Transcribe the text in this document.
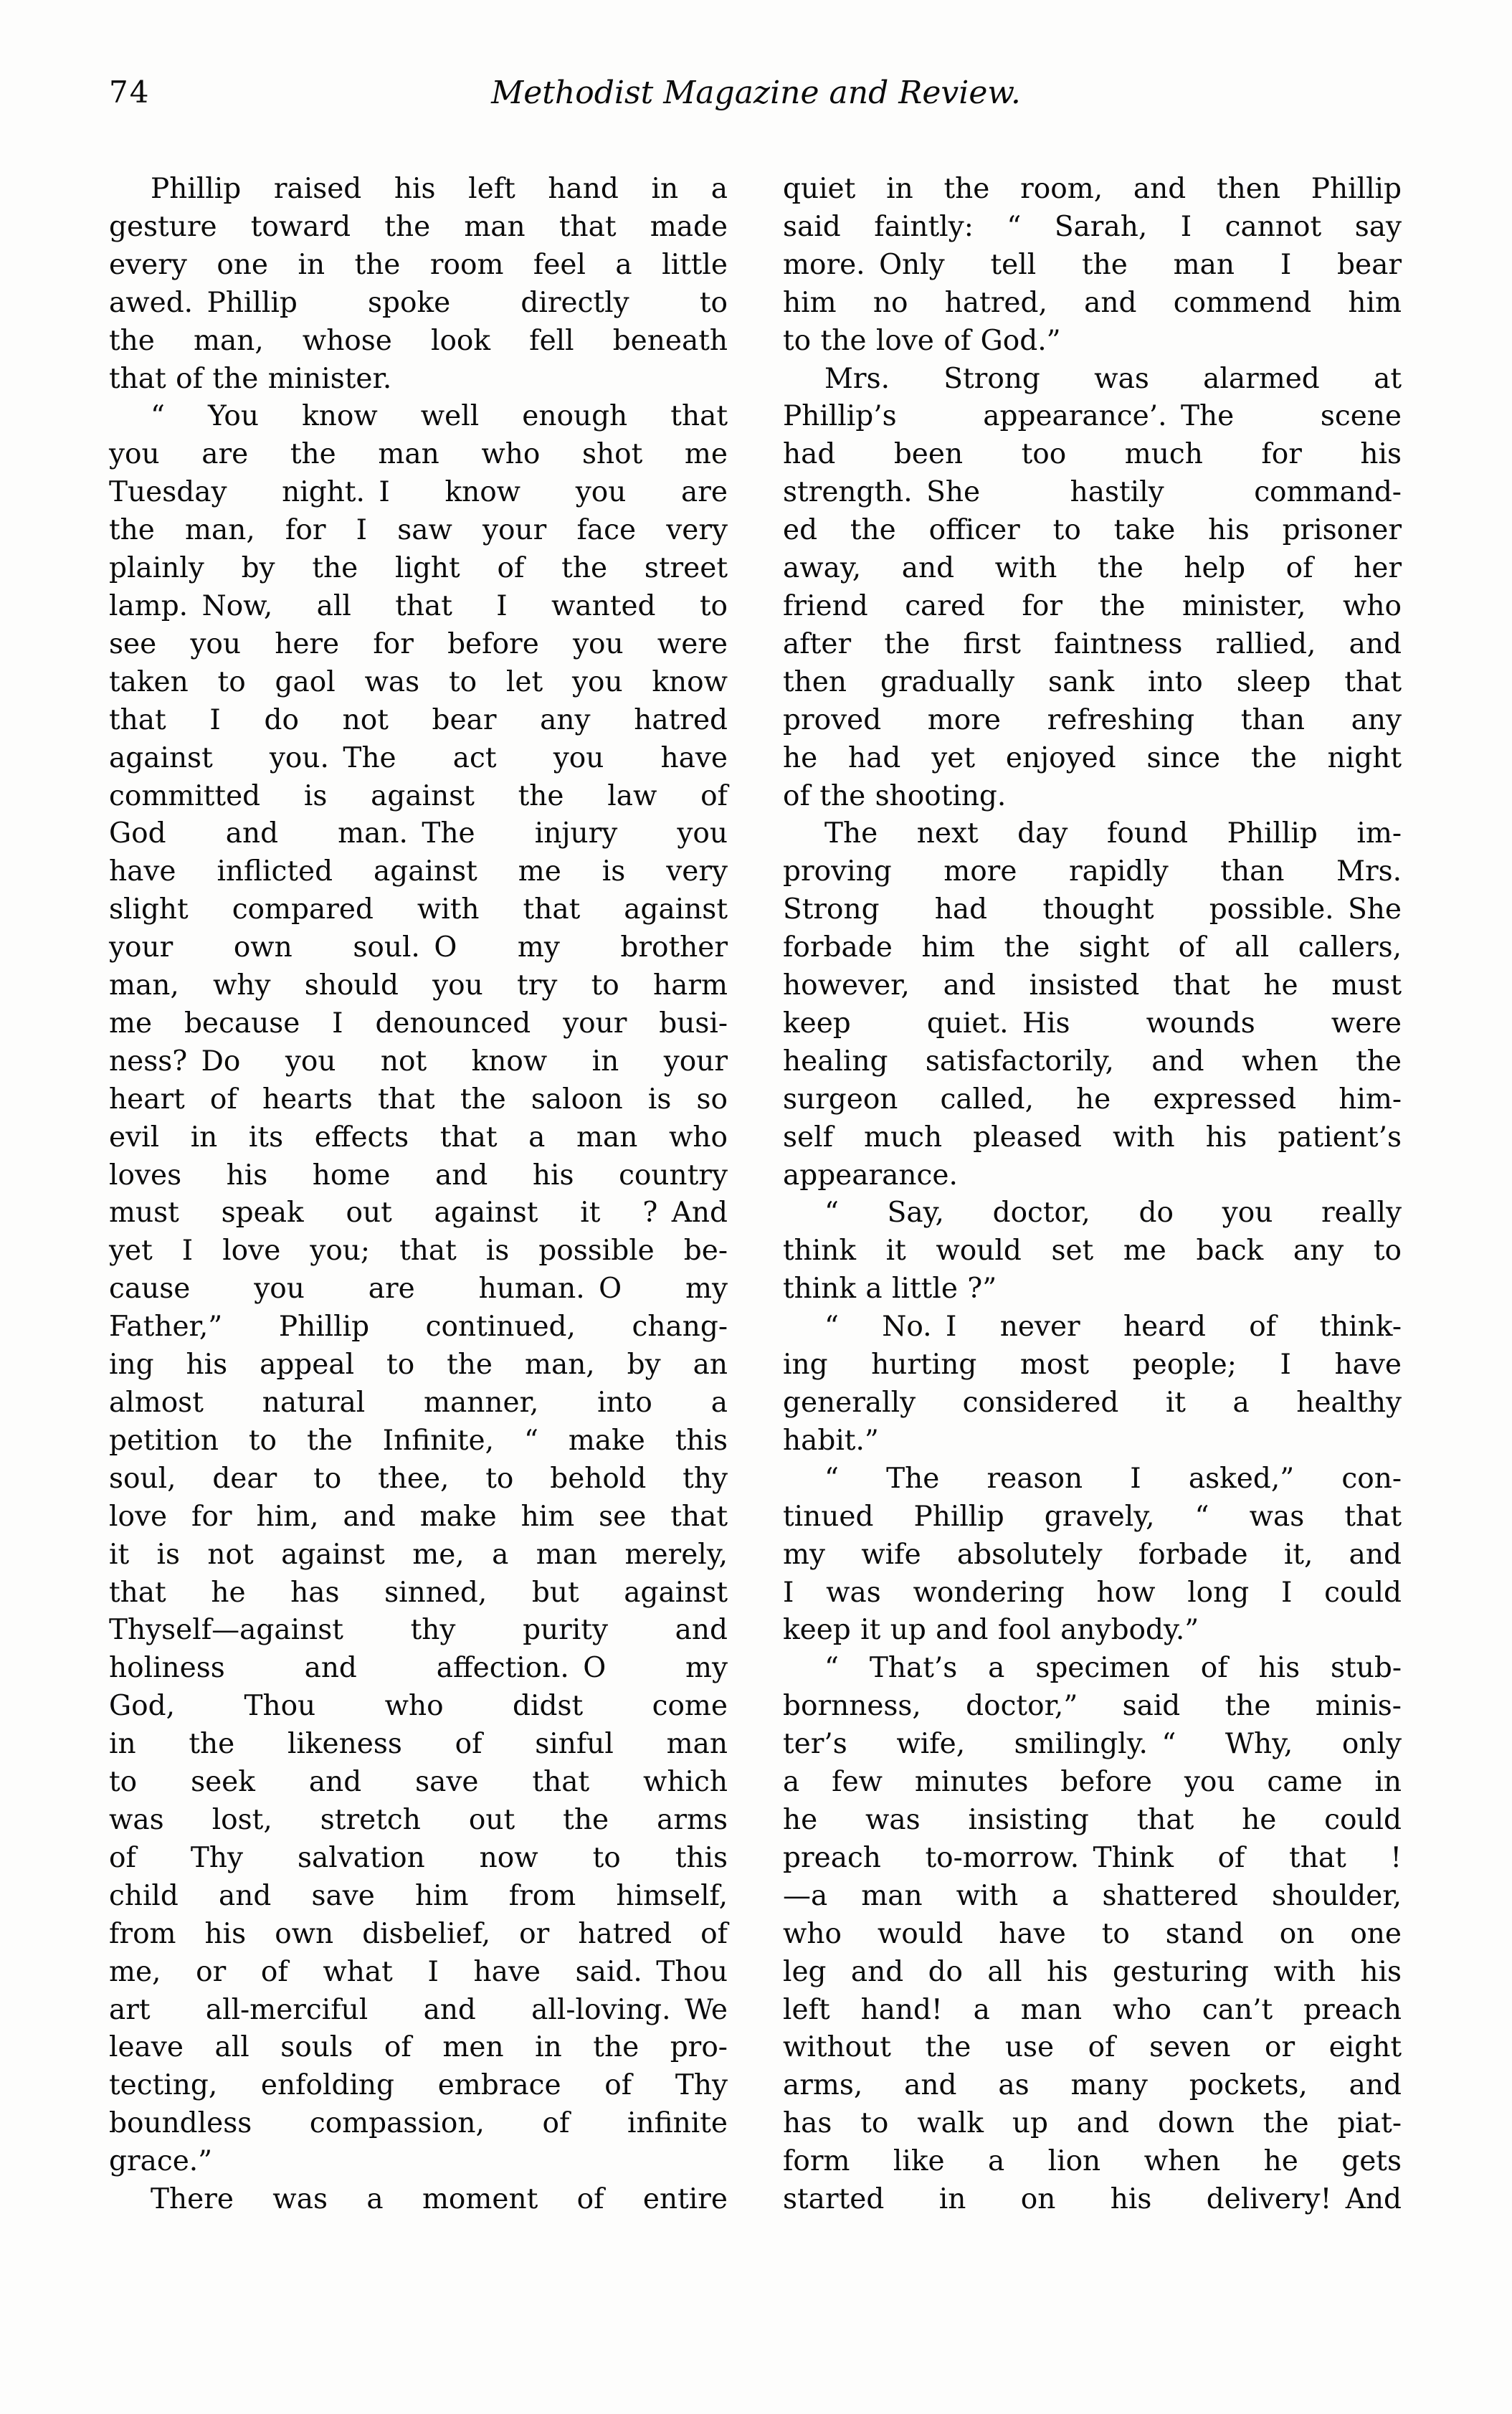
74	Methodist Magazine and Review.
Phillip raised his left hand in a
gesture toward the man that made
every one in the room feel a little
awed. Phillip spoke directly to
the man, whose look fell beneath
that of the minister.
“ You know well enough that
you are the man who shot me
Tuesday night. I know you are
the man, for I saw your face very
plainly by the light of the street
lamp. Now, all that I wanted to
see you here for before you were
taken to gaol was to let you know
that I do not bear any hatred
against you. The act you have
committed is against the law of
God and man. The injury you
have inflicted against me is very
slight compared with that against
your own soul. O my brother
man, why should you try to harm
me because I denounced your busi-
ness? Do you not know in your
heart of hearts that the saloon is so
evil in its effects that a man who
loves his home and his country
must speak out against it ? And
yet I love you; that is possible be-
cause you are human. O my
Father,” Phillip continued, chang-
ing his appeal to the man, by an
almost natural manner, into a
petition to the Infinite, “ make this
soul, dear to thee, to behold thy
love for him, and make him see that
it is not against me, a man merely,
that he has sinned, but against
Thyself—against thy purity and
holiness and affection. O my
God, Thou who didst come
in the likeness of sinful man
to seek and save that which
was lost, stretch out the arms
of Thy salvation now to this
child and save him from himself,
from his own disbelief, or hatred of
me, or of what I have said. Thou
art all-merciful and all-loving. We
leave all souls of men in the pro-
tecting, enfolding embrace of Thy
boundless compassion, of infinite
grace.”
There was a moment of entire
quiet in the room, and then Phillip
said faintly: “ Sarah, I cannot say
more. Only tell the man I bear
him no hatred, and commend him
to the love of God.”
Mrs. Strong was alarmed at
Phillip’s appearance’. The scene
had been too much for his
strength. She hastily command-
ed the officer to take his prisoner
away, and with the help of her
friend cared for the minister, who
after the first faintness rallied, and
then gradually sank into sleep that
proved more refreshing than any
he had yet enjoyed since the night
of the shooting.
The next day found Phillip im-
proving more rapidly than Mrs.
Strong had thought possible. She
forbade him the sight of all callers,
however, and insisted that he must
keep quiet. His wounds were
healing satisfactorily, and when the
surgeon called, he expressed him-
self much pleased with his patient’s
appearance.
“ Say, doctor, do you really
think it would set me back any to
think a little ?”
“ No. I never heard of think-
ing hurting most people; I have
generally considered it a healthy
habit.”
“ The reason I asked,” con-
tinued Phillip gravely, “ was that
my wife absolutely forbade it, and
I was wondering how long I could
keep it up and fool anybody.”
“ That’s a specimen of his stub-
bornness, doctor,” said the minis-
ter’s wife, smilingly. “ Why, only
a few minutes before you came in
he was insisting that he could
preach to-morrow. Think of that !
—a man with a shattered shoulder,
who would have to stand on one
leg and do all his gesturing with his
left hand! a man who can’t preach
without the use of seven or eight
arms, and as many pockets, and
has to walk up and down the piat-
form like a lion when he gets
started in on his delivery! And
